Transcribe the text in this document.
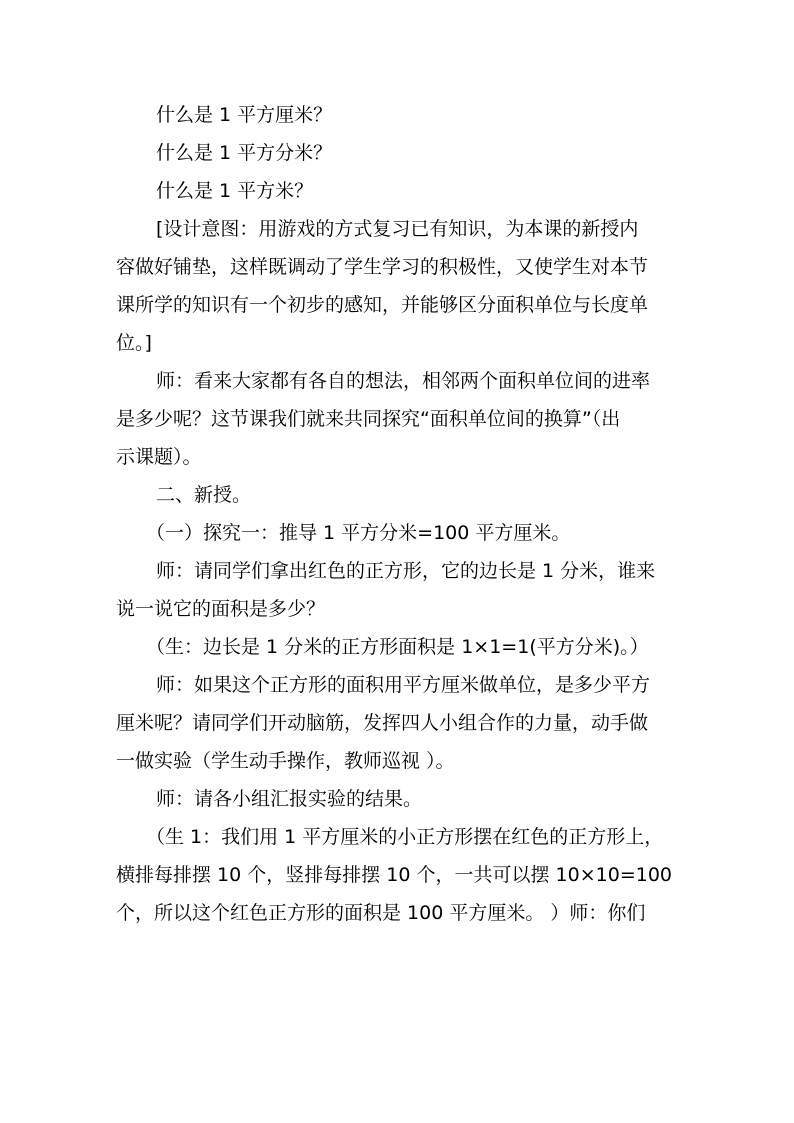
什么是 1 平方厘米？

什么是 1 平方分米？

什么是 1 平方米？

[设计意图：用游戏的方式复习已有知识，为本课的新授内

容做好铺垫，这样既调动了学生学习的积极性，又使学生对本节
课所学的知识有一个初步的感知，并能够区分面积单位与长度单
位。]

师：看来大家都有各自的想法，相邻两个面积单位间的进率

是多少呢？这节课我们就来共同探究“面积单位间的换算”（出
示课题）。

二、新授。

（一）探究一：推导 1 平方分米=100 平方厘米。

师：请同学们拿出红色的正方形，它的边长是 1 分米，谁来

说一说它的面积是多少？

（生：边长是 1 分米的正方形面积是 1×1=1(平方分米)。）

师：如果这个正方形的面积用平方厘米做单位，是多少平方

厘米呢？请同学们开动脑筋，发挥四人小组合作的力量，动手做
一做实验（学生动手操作，教师巡视 ）。

师：请各小组汇报实验的结果。

（生 1：我们用 1 平方厘米的小正方形摆在红色的正方形上，

横排每排摆 10 个，竖排每排摆 10 个，一共可以摆 10×10=100
个，所以这个红色正方形的面积是 100 平方厘米。 ）师：你们
